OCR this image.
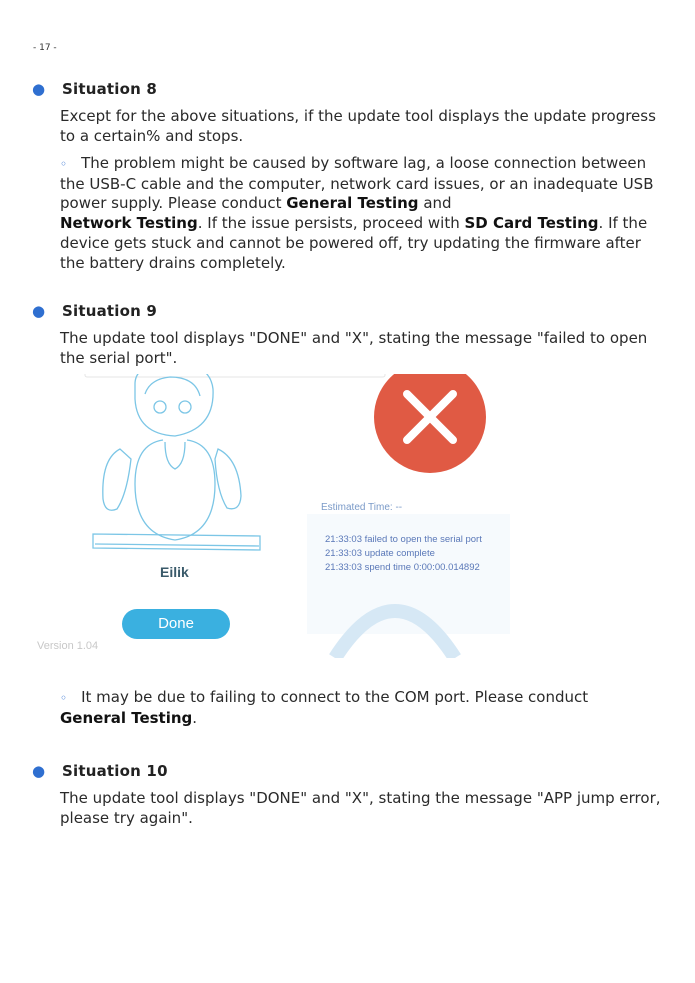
- 17 -
● Situation 8
Except for the above situations, if the update tool displays the update progress to a certain% and stops.
◦ The problem might be caused by software lag, a loose connection between the USB-C cable and the computer, network card issues, or an inadequate USB power supply. Please conduct General Testing and
Network Testing. If the issue persists, proceed with SD Card Testing. If the device gets stuck and cannot be powered off, try updating the firmware after the battery drains completely.
● Situation 9
The update tool displays "DONE" and "X", stating the message "failed to open the serial port".
Eilik
Done
Version 1.04
Estimated Time: --
21:33:03 failed to open the serial port
21:33:03 update complete
21:33:03 spend time 0:00:00.014892
◦ It may be due to failing to connect to the COM port. Please conduct
General Testing.
● Situation 10
The update tool displays "DONE" and "X", stating the message "APP jump error, please try again".
